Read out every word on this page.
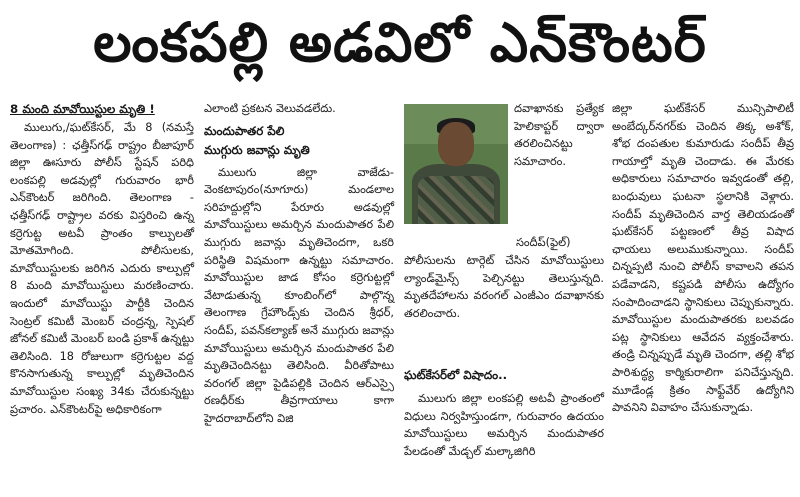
లంకపల్లి అడవిలో ఎన్‌కౌంటర్

8 మంది మావోయిస్టుల మృతి !

ములుగు,/ఘట్‌కేసర్, మే 8 (నమస్తే తెలంగాణ) : ఛత్తీస్‌గఢ్ రాష్ట్రం బీజాపూర్ జిల్లా ఊసూరు పోలీస్ స్టేషన్ పరిధి లంకపల్లి అడవుల్లో గురువారం భారీ ఎన్‌కౌంటర్ జరిగింది. తెలంగాణ - ఛత్తీస్‌గఢ్ రాష్ట్రాల వరకు విస్తరించి ఉన్న కర్రెగుట్ట అటవీ ప్రాంతం కాల్పులతో మోతమోగింది. పోలీసులకు, మావోయిస్టులకు జరిగిన ఎదురు కాల్పుల్లో 8 మంది మావోయిస్టులు మరణించారు. ఇందులో మావోయిస్టు పార్టీకి చెందిన సెంట్రల్ కమిటీ మెంబర్ చంద్రన్న, స్పెషల్ జోనల్ కమిటీ మెంబర్ బండి ప్రకాశ్ ఉన్నట్టు తెలిసింది. 18 రోజులుగా కర్రెగుట్టల వద్ద కొనసాగుతున్న కాల్పుల్లో మృతిచెందిన మావోయిస్టుల సంఖ్య 34కు చేరుకున్నట్టు ప్రచారం. ఎన్‌కౌంటర్‌పై అధికారికంగా

ఎలాంటి ప్రకటన వెలువడలేదు.

మందుపాతర పేలి

ముగ్గురు జవాన్లు మృతి

ములుగు జిల్లా వాజేడు-వెంకటాపురం(నూగూరు) మండలాల సరిహద్దుల్లోని పేరూరు అడవుల్లో మావోయిస్టులు అమర్చిన మందుపాతర పేలి ముగ్గురు జవాన్లు మృతిచెందగా, ఒకరి పరిస్థితి విషమంగా ఉన్నట్టు సమాచారం. మావోయిస్టుల జాడ కోసం కర్రెగుట్టల్లో వేటాడుతున్న కూంబింగ్‌లో పాల్గొన్న తెలంగాణ గ్రేహౌండ్స్‌కు చెందిన శ్రీధర్, సందీప్, పవన్‌కల్యాణ్ అనే ముగ్గురు జవాన్లు మావోయిస్టులు అమర్చిన మందుపాతర పేలి మృతిచెందినట్టు తెలిసింది. వీరితోపాటు వరంగల్ జిల్లా పైడిపల్లికి చెందిన ఆర్ఎస్సై రణధీర్‌కు తీవ్రగాయాలు కాగా హైదరాబాద్‌లోని విజి

సందీప్(ఫైల్)
దవాఖానకు ప్రత్యేక హెలికాప్టర్ ద్వారా తరలించినట్టు సమాచారం.
పోలీసులను టార్గెట్ చేసిన మావోయిస్టులు ల్యాండ్‌మైన్స్ పెల్చినట్టు తెలుస్తున్నది. మృతదేహాలను వరంగల్ ఎంజీఎం దవాఖానకు తరలించారు.
ఘట్‌కేసర్‌లో విషాదం..
ములుగు జిల్లా లంకపల్లి అటవీ ప్రాంతంలో విధులు నిర్వహిస్తుండగా, గురువారం ఉదయం మావోయిస్టులు అమర్చిన మందుపాతర పేలడంతో మేడ్చల్ మల్కాజిగిరి

జిల్లా ఘట్‌కేసర్ మున్సిపాలిటీ అంబేద్కర్‌నగర్‌కు చెందిన తిక్క అశోక్, శోభ దంపతుల కుమారుడు సందీప్ తీవ్ర గాయాల్తో మృతి చెందాడు. ఈ మేరకు అధికారులు సమాచారం ఇవ్వడంతో తల్లి, బంధువులు ఘటనా స్థలానికి వెళ్లారు. సందీప్ మృతిచెందిన వార్త తెలియడంతో ఘట్‌కేసర్ పట్టణంలో తీవ్ర విషాద ఛాయలు అలుముకున్నాయి. సందీప్ చిన్నప్పటి నుంచి పోలీస్ కావాలని తపన పడేవాడని, కష్టపడి పోలీసు ఉద్యోగం సంపాదించాడని స్థానికులు చెప్పుకున్నారు. మావోయిస్టుల మందుపాతరకు బలవడం పట్ల స్థానికులు ఆవేదన వ్యక్తంచేశారు. తండ్రి చిన్నప్పుడే మృతి చెందగా, తల్లి శోభ పారిశుద్ధ్య కార్మికురాలిగా పనిచేస్తున్నది. మూడేండ్ల క్రితం సాఫ్ట్‌వేర్ ఉద్యోగిని పావనిని వివాహం చేసుకున్నాడు.
